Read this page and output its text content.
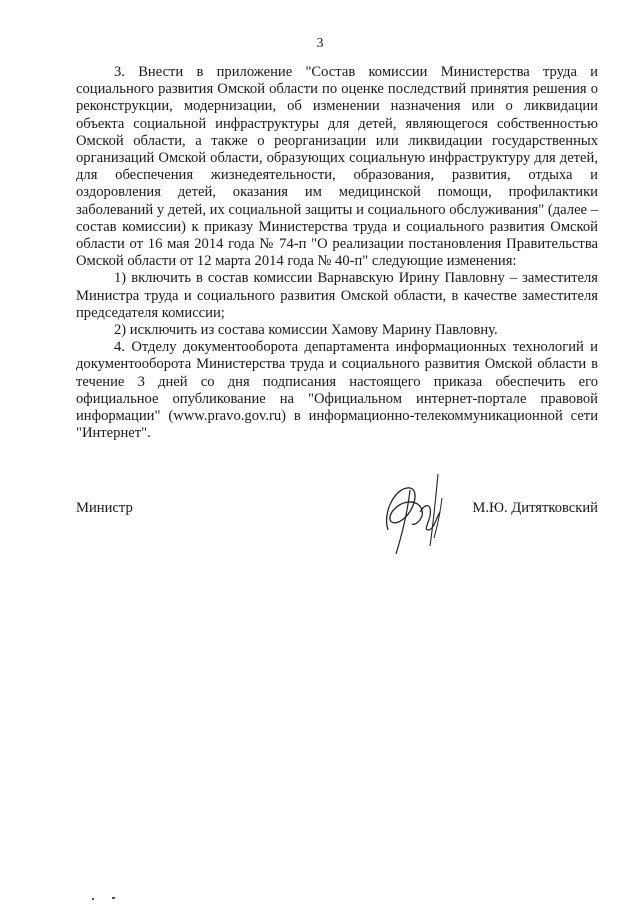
3

3. Внести в приложение "Состав комиссии Министерства труда и социального развития Омской области по оценке последствий принятия решения о реконструкции, модернизации, об изменении назначения или о ликвидации объекта социальной инфраструктуры для детей, являющегося собственностью Омской области, а также о реорганизации или ликвидации государственных организаций Омской области, образующих социальную инфраструктуру для детей, для обеспечения жизнедеятельности, образования, развития, отдыха и оздоровления детей, оказания им медицинской помощи, профилактики заболеваний у детей, их социальной защиты и социального обслуживания" (далее – состав комиссии) к приказу Министерства труда и социального развития Омской области от 16 мая 2014 года № 74-п "О реализации постановления Правительства Омской области от 12 марта 2014 года № 40-п" следующие изменения:

1) включить в состав комиссии Варнавскую Ирину Павловну – заместителя Министра труда и социального развития Омской области, в качестве заместителя председателя комиссии;

2) исключить из состава комиссии Хамову Марину Павловну.

4. Отделу документооборота департамента информационных технологий и документооборота Министерства труда и социального развития Омской области в течение 3 дней со дня подписания настоящего приказа обеспечить его официальное опубликование на "Официальном интернет-портале правовой информации" (www.pravo.gov.ru) в информационно-телекоммуникационной сети "Интернет".

Министр	М.Ю. Дитятковский
